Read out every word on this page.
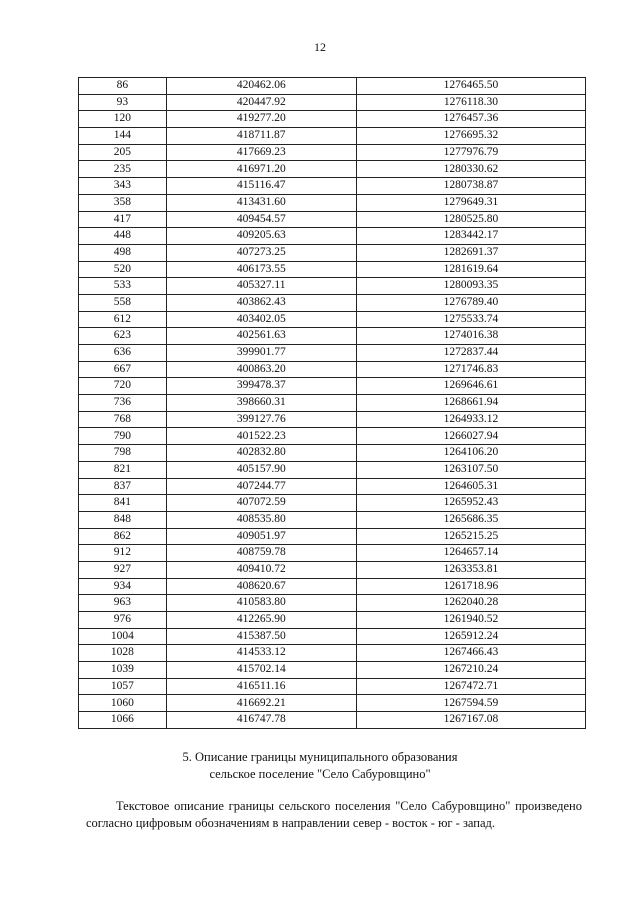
12
86	420462.06	1276465.50
93	420447.92	1276118.30
120	419277.20	1276457.36
144	418711.87	1276695.32
205	417669.23	1277976.79
235	416971.20	1280330.62
343	415116.47	1280738.87
358	413431.60	1279649.31
417	409454.57	1280525.80
448	409205.63	1283442.17
498	407273.25	1282691.37
520	406173.55	1281619.64
533	405327.11	1280093.35
558	403862.43	1276789.40
612	403402.05	1275533.74
623	402561.63	1274016.38
636	399901.77	1272837.44
667	400863.20	1271746.83
720	399478.37	1269646.61
736	398660.31	1268661.94
768	399127.76	1264933.12
790	401522.23	1266027.94
798	402832.80	1264106.20
821	405157.90	1263107.50
837	407244.77	1264605.31
841	407072.59	1265952.43
848	408535.80	1265686.35
862	409051.97	1265215.25
912	408759.78	1264657.14
927	409410.72	1263353.81
934	408620.67	1261718.96
963	410583.80	1262040.28
976	412265.90	1261940.52
1004	415387.50	1265912.24
1028	414533.12	1267466.43
1039	415702.14	1267210.24
1057	416511.16	1267472.71
1060	416692.21	1267594.59
1066	416747.78	1267167.08
5. Описание границы муниципального образования
сельское поселение "Село Сабуровщино"

Текстовое описание границы сельского поселения "Село Сабуровщино" произведено согласно цифровым обозначениям в направлении север - восток - юг - запад.
